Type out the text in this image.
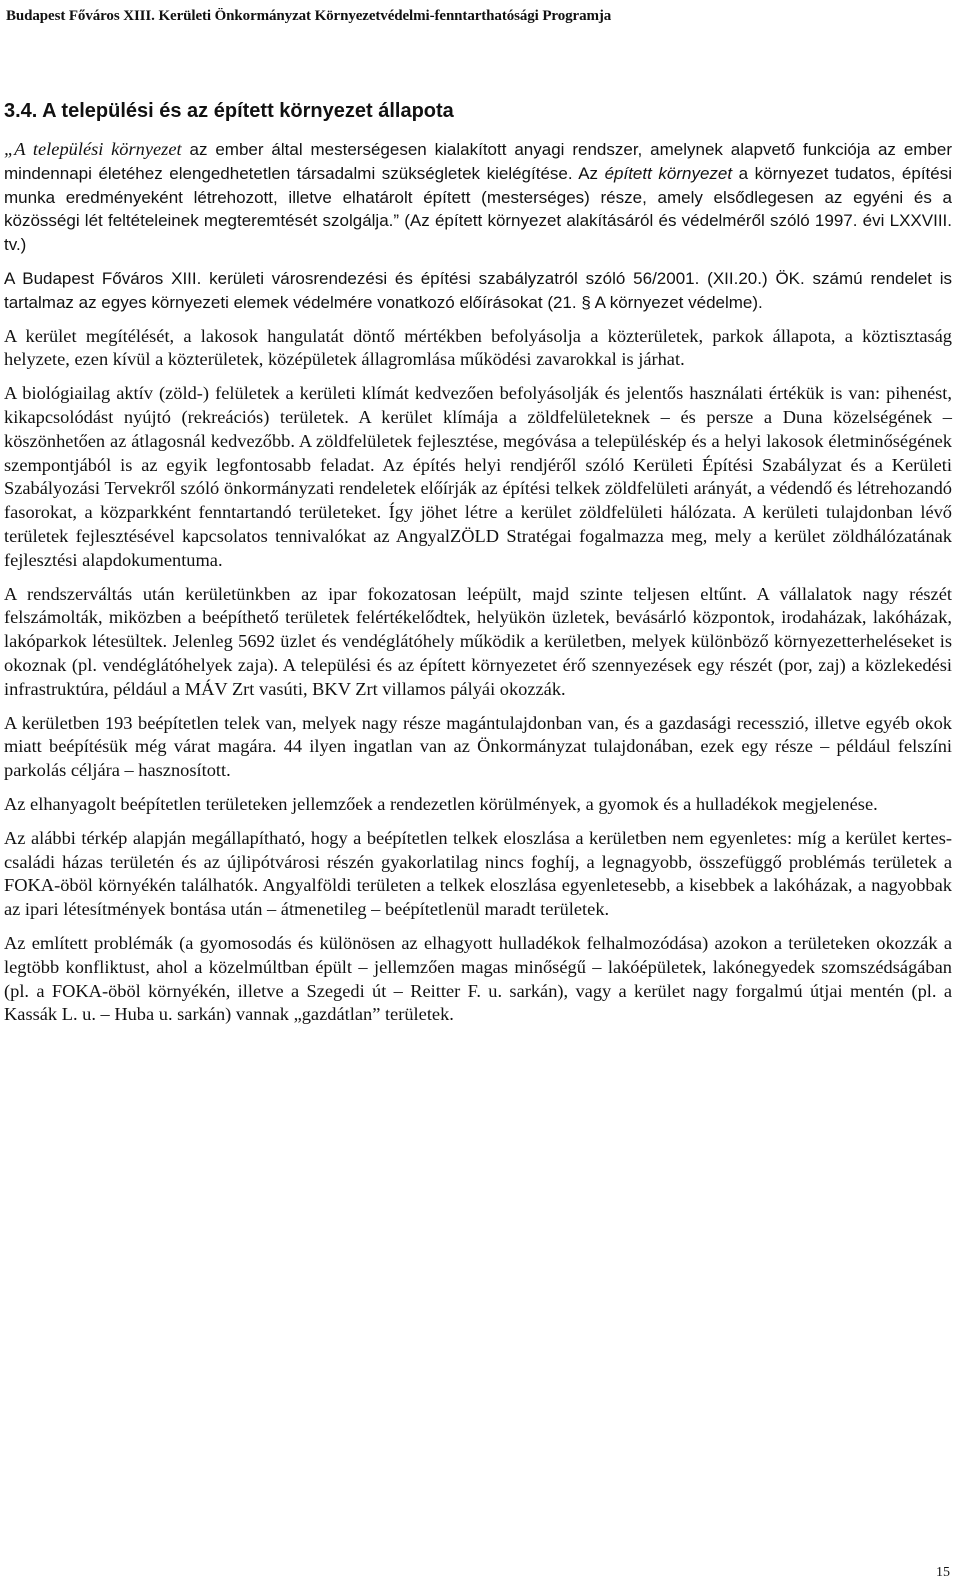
Budapest Főváros XIII. Kerületi Önkormányzat Környezetvédelmi-fenntarthatósági Programja
3.4. A települési és az épített környezet állapota

„A települési környezet az ember által mesterségesen kialakított anyagi rendszer, amelynek alapvető funkciója az ember mindennapi életéhez elengedhetetlen társadalmi szükségletek kielégítése. Az épített környezet a környezet tudatos, építési munka eredményeként létrehozott, illetve elhatárolt épített (mesterséges) része, amely elsődlegesen az egyéni és a közösségi lét feltételeinek megteremtését szolgálja.” (Az épített környezet alakításáról és védelméről szóló 1997. évi LXXVIII. tv.)

A Budapest Főváros XIII. kerületi városrendezési és építési szabályzatról szóló 56/2001. (XII.20.) ÖK. számú rendelet is tartalmaz az egyes környezeti elemek védelmére vonatkozó előírásokat (21. § A környezet védelme).

A kerület megítélését, a lakosok hangulatát döntő mértékben befolyásolja a közterületek, parkok állapota, a köztisztaság helyzete, ezen kívül a közterületek, középületek állagromlása működési zavarokkal is járhat.

A biológiailag aktív (zöld-) felületek a kerületi klímát kedvezően befolyásolják és jelentős használati értékük is van: pihenést, kikapcsolódást nyújtó (rekreációs) területek. A kerület klímája a zöldfelületeknek – és persze a Duna közelségének – köszönhetően az átlagosnál kedvezőbb. A zöldfelületek fejlesztése, megóvása a településkép és a helyi lakosok életminőségének szempontjából is az egyik legfontosabb feladat. Az építés helyi rendjéről szóló Kerületi Építési Szabályzat és a Kerületi Szabályozási Tervekről szóló önkormányzati rendeletek előírják az építési telkek zöldfelületi arányát, a védendő és létrehozandó fasorokat, a közparkként fenntartandó területeket. Így jöhet létre a kerület zöldfelületi hálózata. A kerületi tulajdonban lévő területek fejlesztésével kapcsolatos tennivalókat az AngyalZÖLD Stratégai fogalmazza meg, mely a kerület zöldhálózatának fejlesztési alapdokumentuma.

A rendszerváltás után kerületünkben az ipar fokozatosan leépült, majd szinte teljesen eltűnt. A vállalatok nagy részét felszámolták, miközben a beépíthető területek felértékelődtek, helyükön üzletek, bevásárló központok, irodaházak, lakóházak, lakóparkok létesültek. Jelenleg 5692 üzlet és vendéglátóhely működik a kerületben, melyek különböző környezetterheléseket is okoznak (pl. vendéglátóhelyek zaja). A települési és az épített környezetet érő szennyezések egy részét (por, zaj) a közlekedési infrastruktúra, például a MÁV Zrt vasúti, BKV Zrt villamos pályái okozzák.

A kerületben 193 beépítetlen telek van, melyek nagy része magántulajdonban van, és a gazdasági recesszió, illetve egyéb okok miatt beépítésük még várat magára. 44 ilyen ingatlan van az Önkormányzat tulajdonában, ezek egy része – például felszíni parkolás céljára – hasznosított.

Az elhanyagolt beépítetlen területeken jellemzőek a rendezetlen körülmények, a gyomok és a hulladékok megjelenése.

Az alábbi térkép alapján megállapítható, hogy a beépítetlen telkek eloszlása a kerületben nem egyenletes: míg a kerület kertes-családi házas területén és az újlipótvárosi részén gyakorlatilag nincs foghíj, a legnagyobb, összefüggő problémás területek a FOKA-öböl környékén találhatók. Angyalföldi területen a telkek eloszlása egyenletesebb, a kisebbek a lakóházak, a nagyobbak az ipari létesítmények bontása után – átmenetileg – beépítetlenül maradt területek.

Az említett problémák (a gyomosodás és különösen az elhagyott hulladékok felhalmozódása) azokon a területeken okozzák a legtöbb konfliktust, ahol a közelmúltban épült – jellemzően magas minőségű – lakóépületek, lakónegyedek szomszédságában (pl. a FOKA-öböl környékén, illetve a Szegedi út – Reitter F. u. sarkán), vagy a kerület nagy forgalmú útjai mentén (pl. a Kassák L. u. – Huba u. sarkán) vannak „gazdátlan” területek.

15
